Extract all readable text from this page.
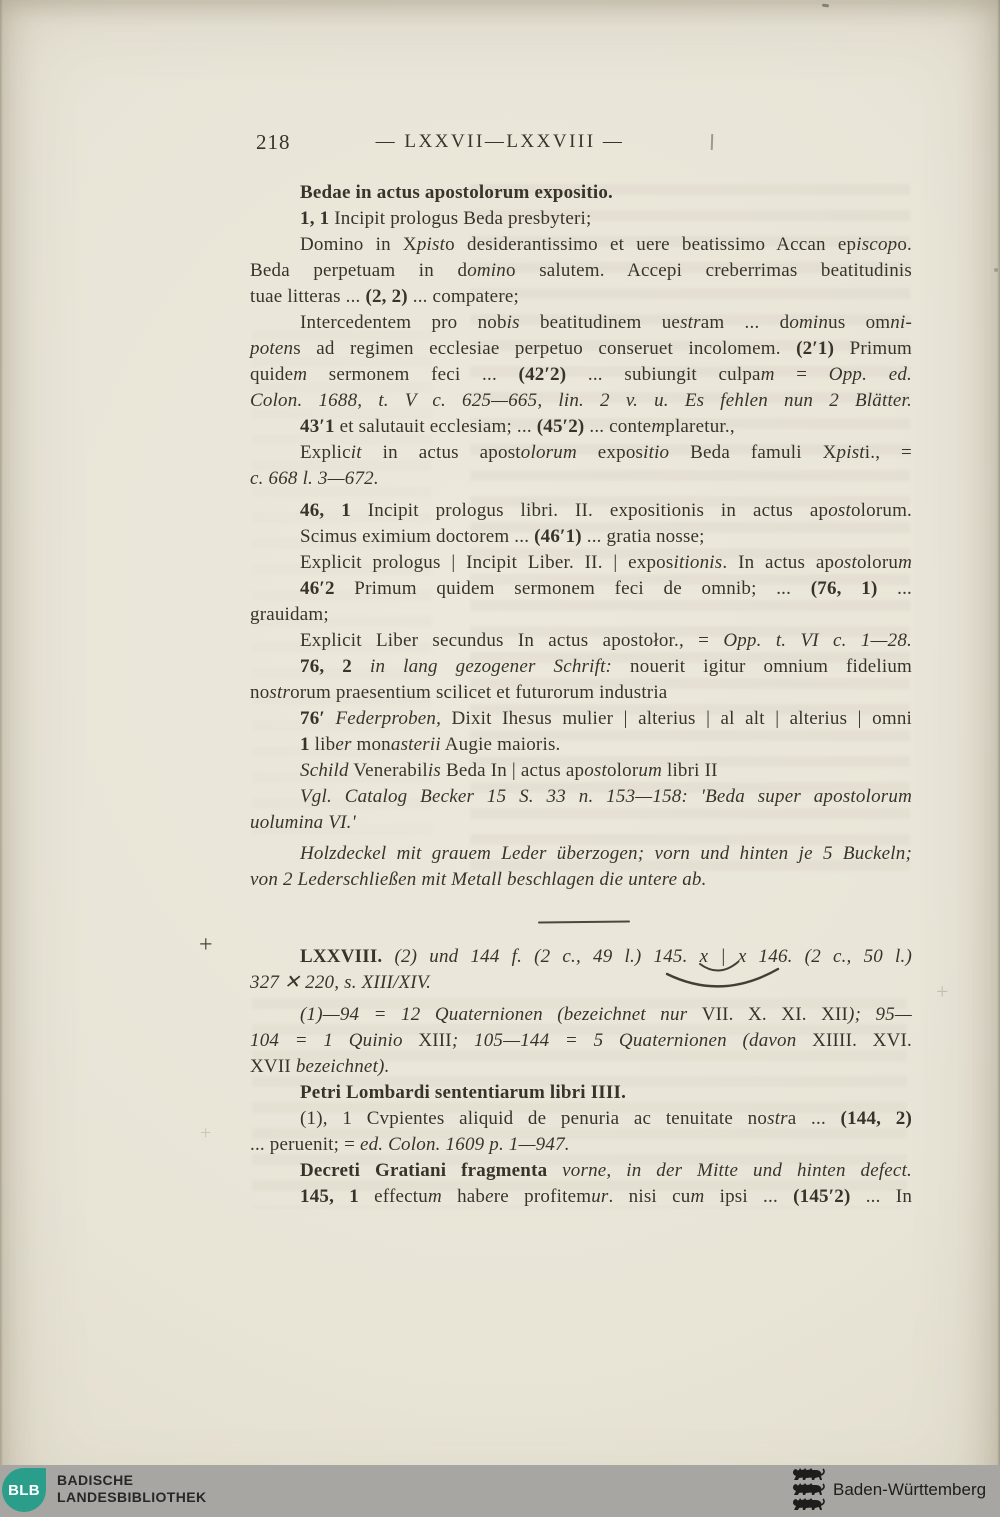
218	— LXXVII—LXXVIII —
Bedae in actus apostolorum expositio.
1, 1 Incipit prologus Beda presbyteri;
Domino in Xpisto desiderantissimo et uere beatissimo Accan episcopo.
Beda perpetuam in domino salutem. Accepi creberrimas beatitudinis
tuae litteras ... (2, 2) ... compatere;
Intercedentem pro nobis beatitudinem uestram ... dominus omni-
potens ad regimen ecclesiae perpetuo conseruet incolomem. (2′1) Primum
quidem sermonem feci ... (42′2) ... subiungit culpam = Opp. ed.
Colon. 1688, t. V c. 625—665, lin. 2 v. u. Es fehlen nun 2 Blätter.
43′1 et salutauit ecclesiam; ... (45′2) ... contemplaretur.,
Explicit in actus apostolorum expositio Beda famuli Xpisti., =
c. 668 l. 3—672.
46, 1 Incipit prologus libri. II. expositionis in actus apostolorum.
Scimus eximium doctorem ... (46′1) ... gratia nosse;
Explicit prologus | Incipit Liber. II. | expositionis. In actus apostolorum
46′2 Primum quidem sermonem feci de omnib; ... (76, 1) ...
grauidam;
Explicit Liber secundus In actus apostołor., = Opp. t. VI c. 1—28.
76, 2 in lang gezogener Schrift: nouerit igitur omnium fidelium
nostrorum praesentium scilicet et futurorum industria
76′ Federproben, Dixit Ihesus mulier | alterius | al alt | alterius | omni
1 liber monasterii Augie maioris.
Schild Venerabilis Beda In | actus apostolorum libri II
Vgl. Catalog Becker 15 S. 33 n. 153—158: 'Beda super apostolorum
uolumina VI.'
Holzdeckel mit grauem Leder überzogen; vorn und hinten je 5 Buckeln;
von 2 Lederschließen mit Metall beschlagen die untere ab.
LXXVIII. (2) und 144 f. (2 c., 49 l.) 145. x | x 146. (2 c., 50 l.)
327 ✕ 220, s. XIII/XIV.
(1)—94 = 12 Quaternionen (bezeichnet nur VII. X. XI. XII); 95—
104 = 1 Quinio XIII; 105—144 = 5 Quaternionen (davon XIIII. XVI.
XVII bezeichnet).
Petri Lombardi sententiarum libri IIII.
(1), 1 Cvpientes aliquid de penuria ac tenuitate nostra ... (144, 2)
... peruenit; = ed. Colon. 1609 p. 1—947.
Decreti Gratiani fragmenta vorne, in der Mitte und hinten defect.
145, 1 effectum habere profitemur. nisi cum ipsi ... (145′2) ... In
+
+
+
BLB
BADISCHE
LANDESBIBLIOTHEK	Baden-Württemberg
